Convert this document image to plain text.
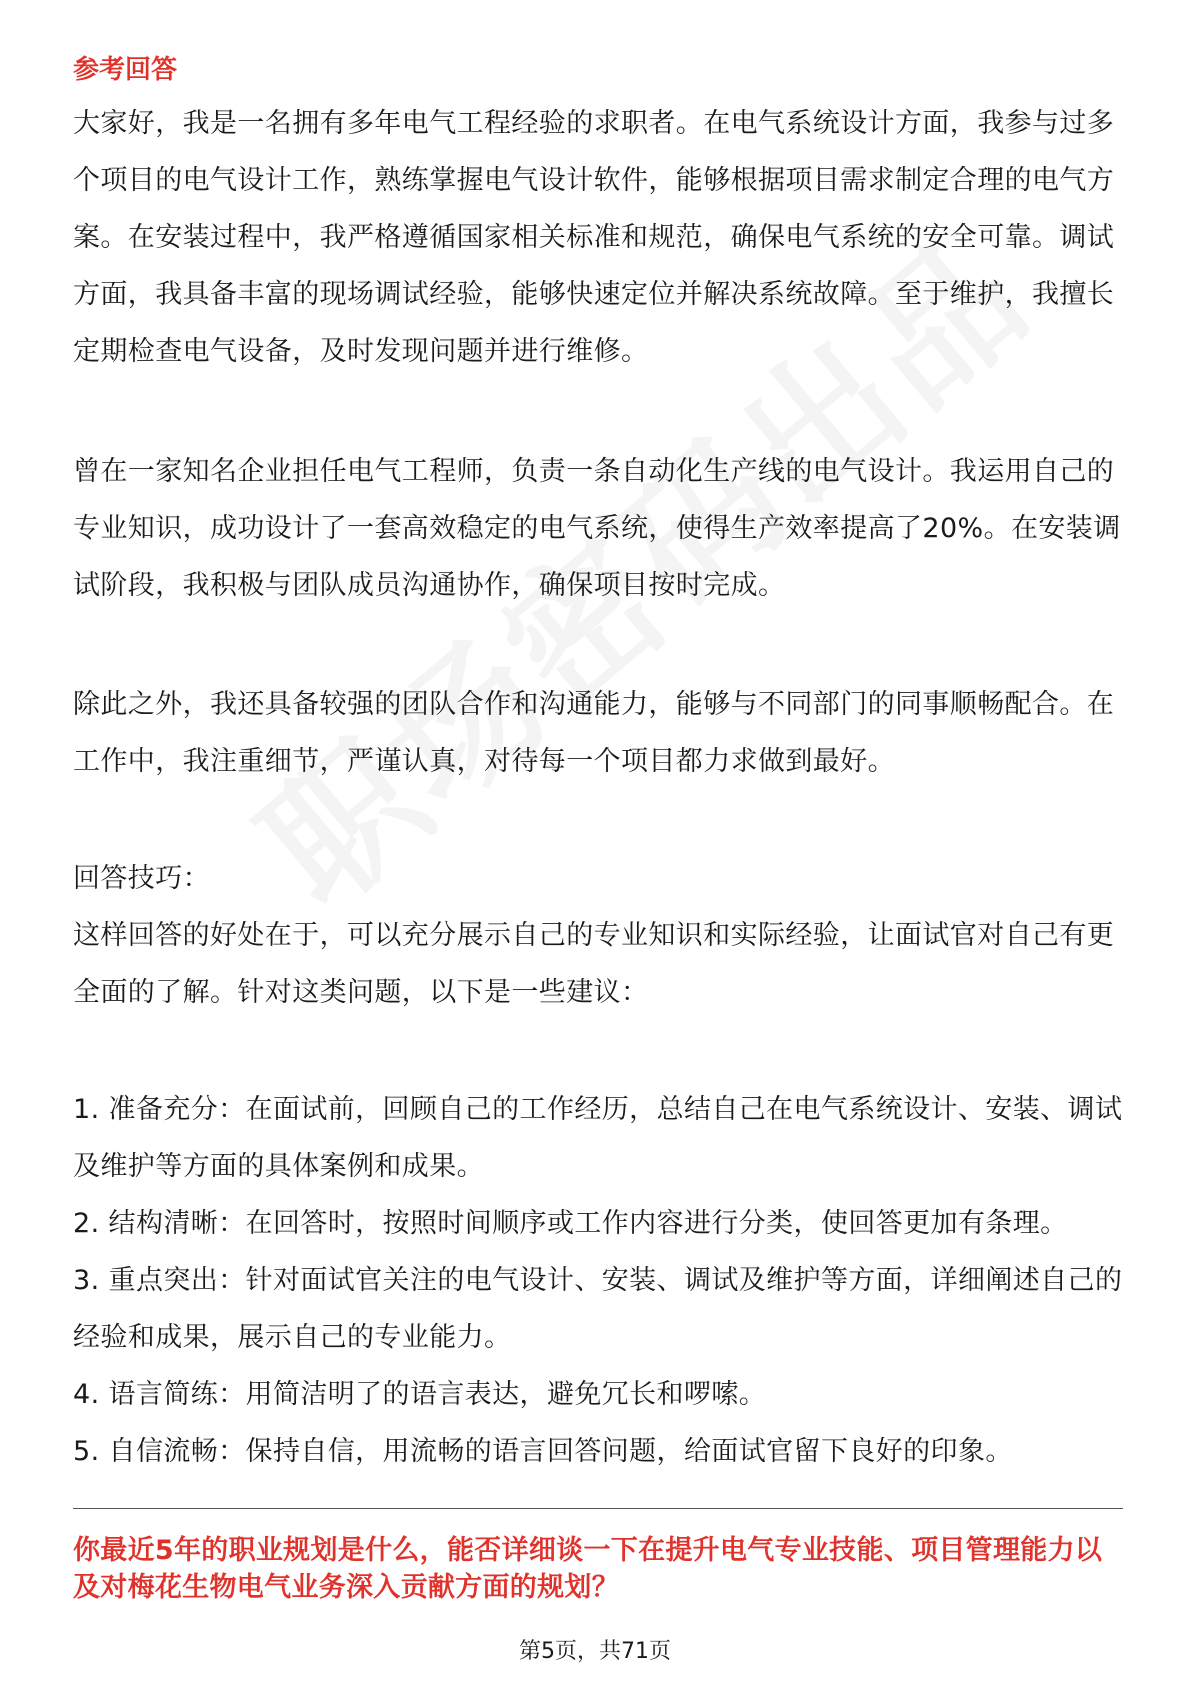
参考回答

大家好，我是一名拥有多年电气工程经验的求职者。在电气系统设计方面，我参与过多个项目的电气设计工作，熟练掌握电气设计软件，能够根据项目需求制定合理的电气方案。在安装过程中，我严格遵循国家相关标准和规范，确保电气系统的安全可靠。调试方面，我具备丰富的现场调试经验，能够快速定位并解决系统故障。至于维护，我擅长定期检查电气设备，及时发现问题并进行维修。

曾在一家知名企业担任电气工程师，负责一条自动化生产线的电气设计。我运用自己的专业知识，成功设计了一套高效稳定的电气系统，使得生产效率提高了20%。在安装调试阶段，我积极与团队成员沟通协作，确保项目按时完成。

除此之外，我还具备较强的团队合作和沟通能力，能够与不同部门的同事顺畅配合。在工作中，我注重细节，严谨认真，对待每一个项目都力求做到最好。

回答技巧：

这样回答的好处在于，可以充分展示自己的专业知识和实际经验，让面试官对自己有更全面的了解。针对这类问题，以下是一些建议：

1. 准备充分：在面试前，回顾自己的工作经历，总结自己在电气系统设计、安装、调试及维护等方面的具体案例和成果。
2. 结构清晰：在回答时，按照时间顺序或工作内容进行分类，使回答更加有条理。
3. 重点突出：针对面试官关注的电气设计、安装、调试及维护等方面，详细阐述自己的经验和成果，展示自己的专业能力。
4. 语言简练：用简洁明了的语言表达，避免冗长和啰嗦。
5. 自信流畅：保持自信，用流畅的语言回答问题，给面试官留下良好的印象。

你最近5年的职业规划是什么，能否详细谈一下在提升电气专业技能、项目管理能力以及对梅花生物电气业务深入贡献方面的规划？

第5页，共71页
